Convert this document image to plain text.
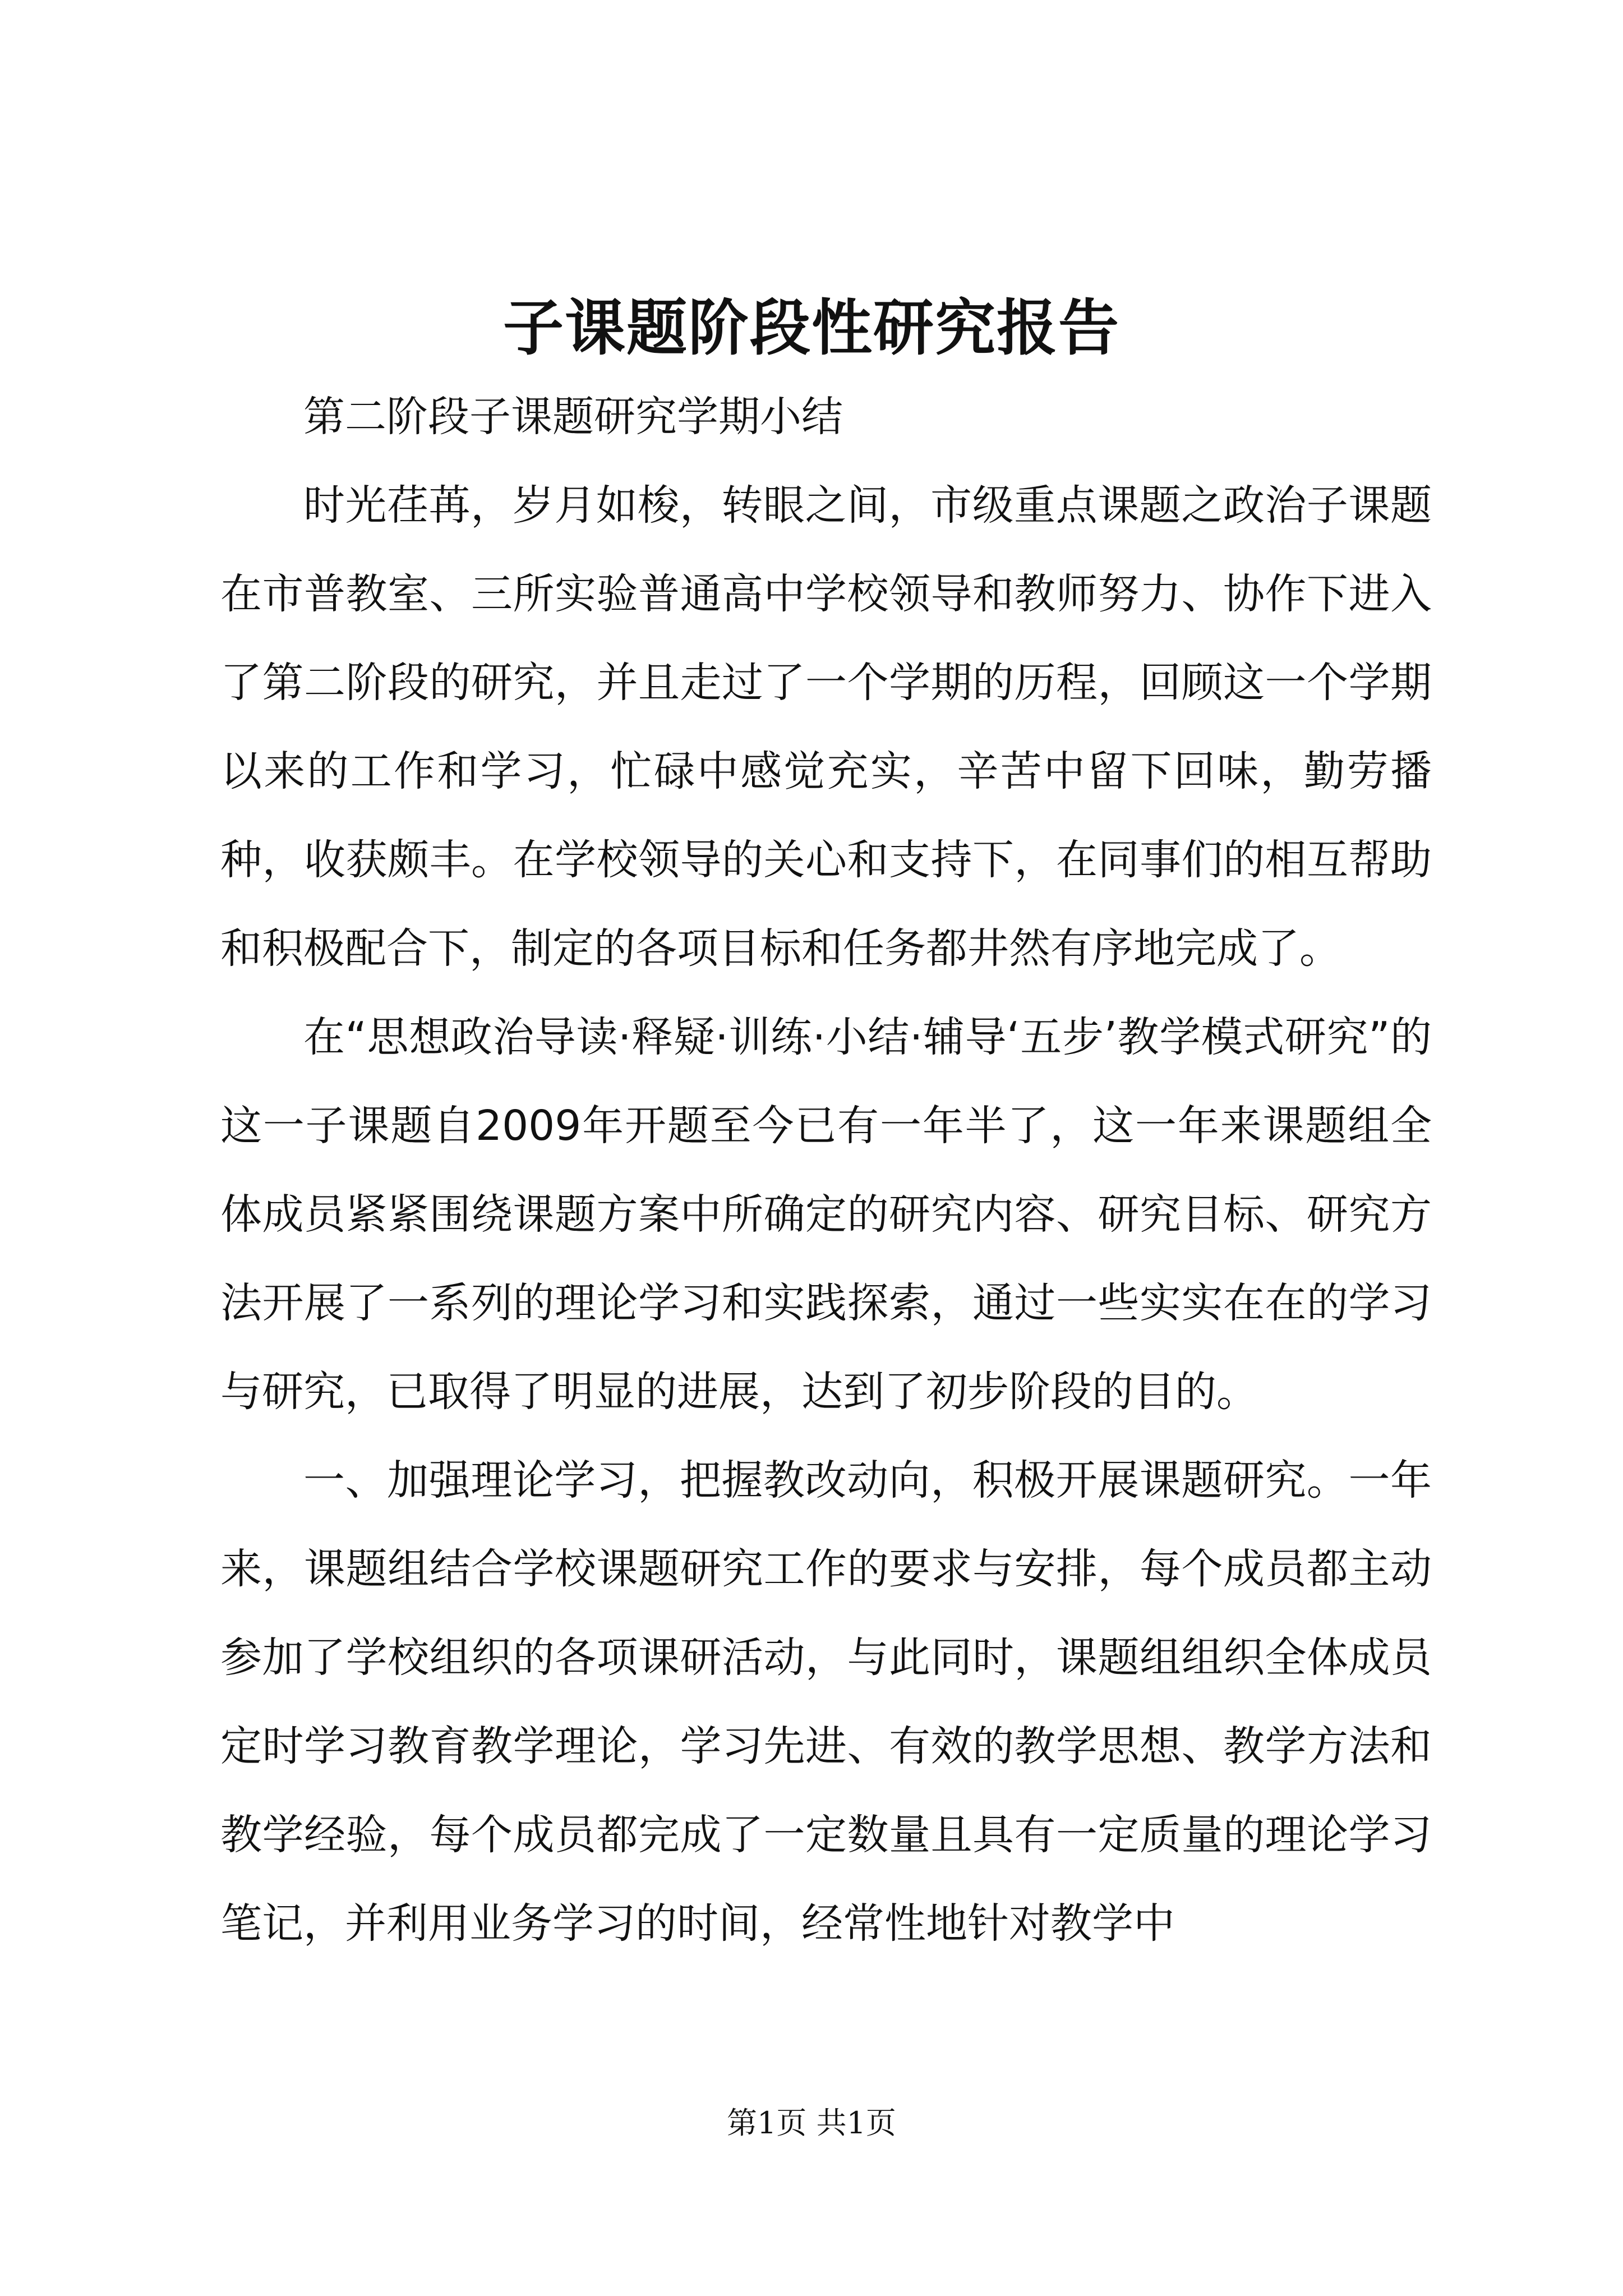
子课题阶段性研究报告

第二阶段子课题研究学期小结

时光荏苒，岁月如梭，转眼之间，市级重点课题之政治子课题在市普教室、三所实验普通高中学校领导和教师努力、协作下进入了第二阶段的研究，并且走过了一个学期的历程，回顾这一个学期以来的工作和学习，忙碌中感觉充实，辛苦中留下回味，勤劳播种，收获颇丰。在学校领导的关心和支持下，在同事们的相互帮助和积极配合下，制定的各项目标和任务都井然有序地完成了。

在“思想政治导读·释疑·训练·小结·辅导‘五步’教学模式研究”的这一子课题自2009年开题至今已有一年半了，这一年来课题组全体成员紧紧围绕课题方案中所确定的研究内容、研究目标、研究方法开展了一系列的理论学习和实践探索，通过一些实实在在的学习与研究，已取得了明显的进展，达到了初步阶段的目的。

一、加强理论学习，把握教改动向，积极开展课题研究。一年来，课题组结合学校课题研究工作的要求与安排，每个成员都主动参加了学校组织的各项课研活动，与此同时，课题组组织全体成员定时学习教育教学理论，学习先进、有效的教学思想、教学方法和教学经验，每个成员都完成了一定数量且具有一定质量的理论学习笔记，并利用业务学习的时间，经常性地针对教学中

第1页 共1页
